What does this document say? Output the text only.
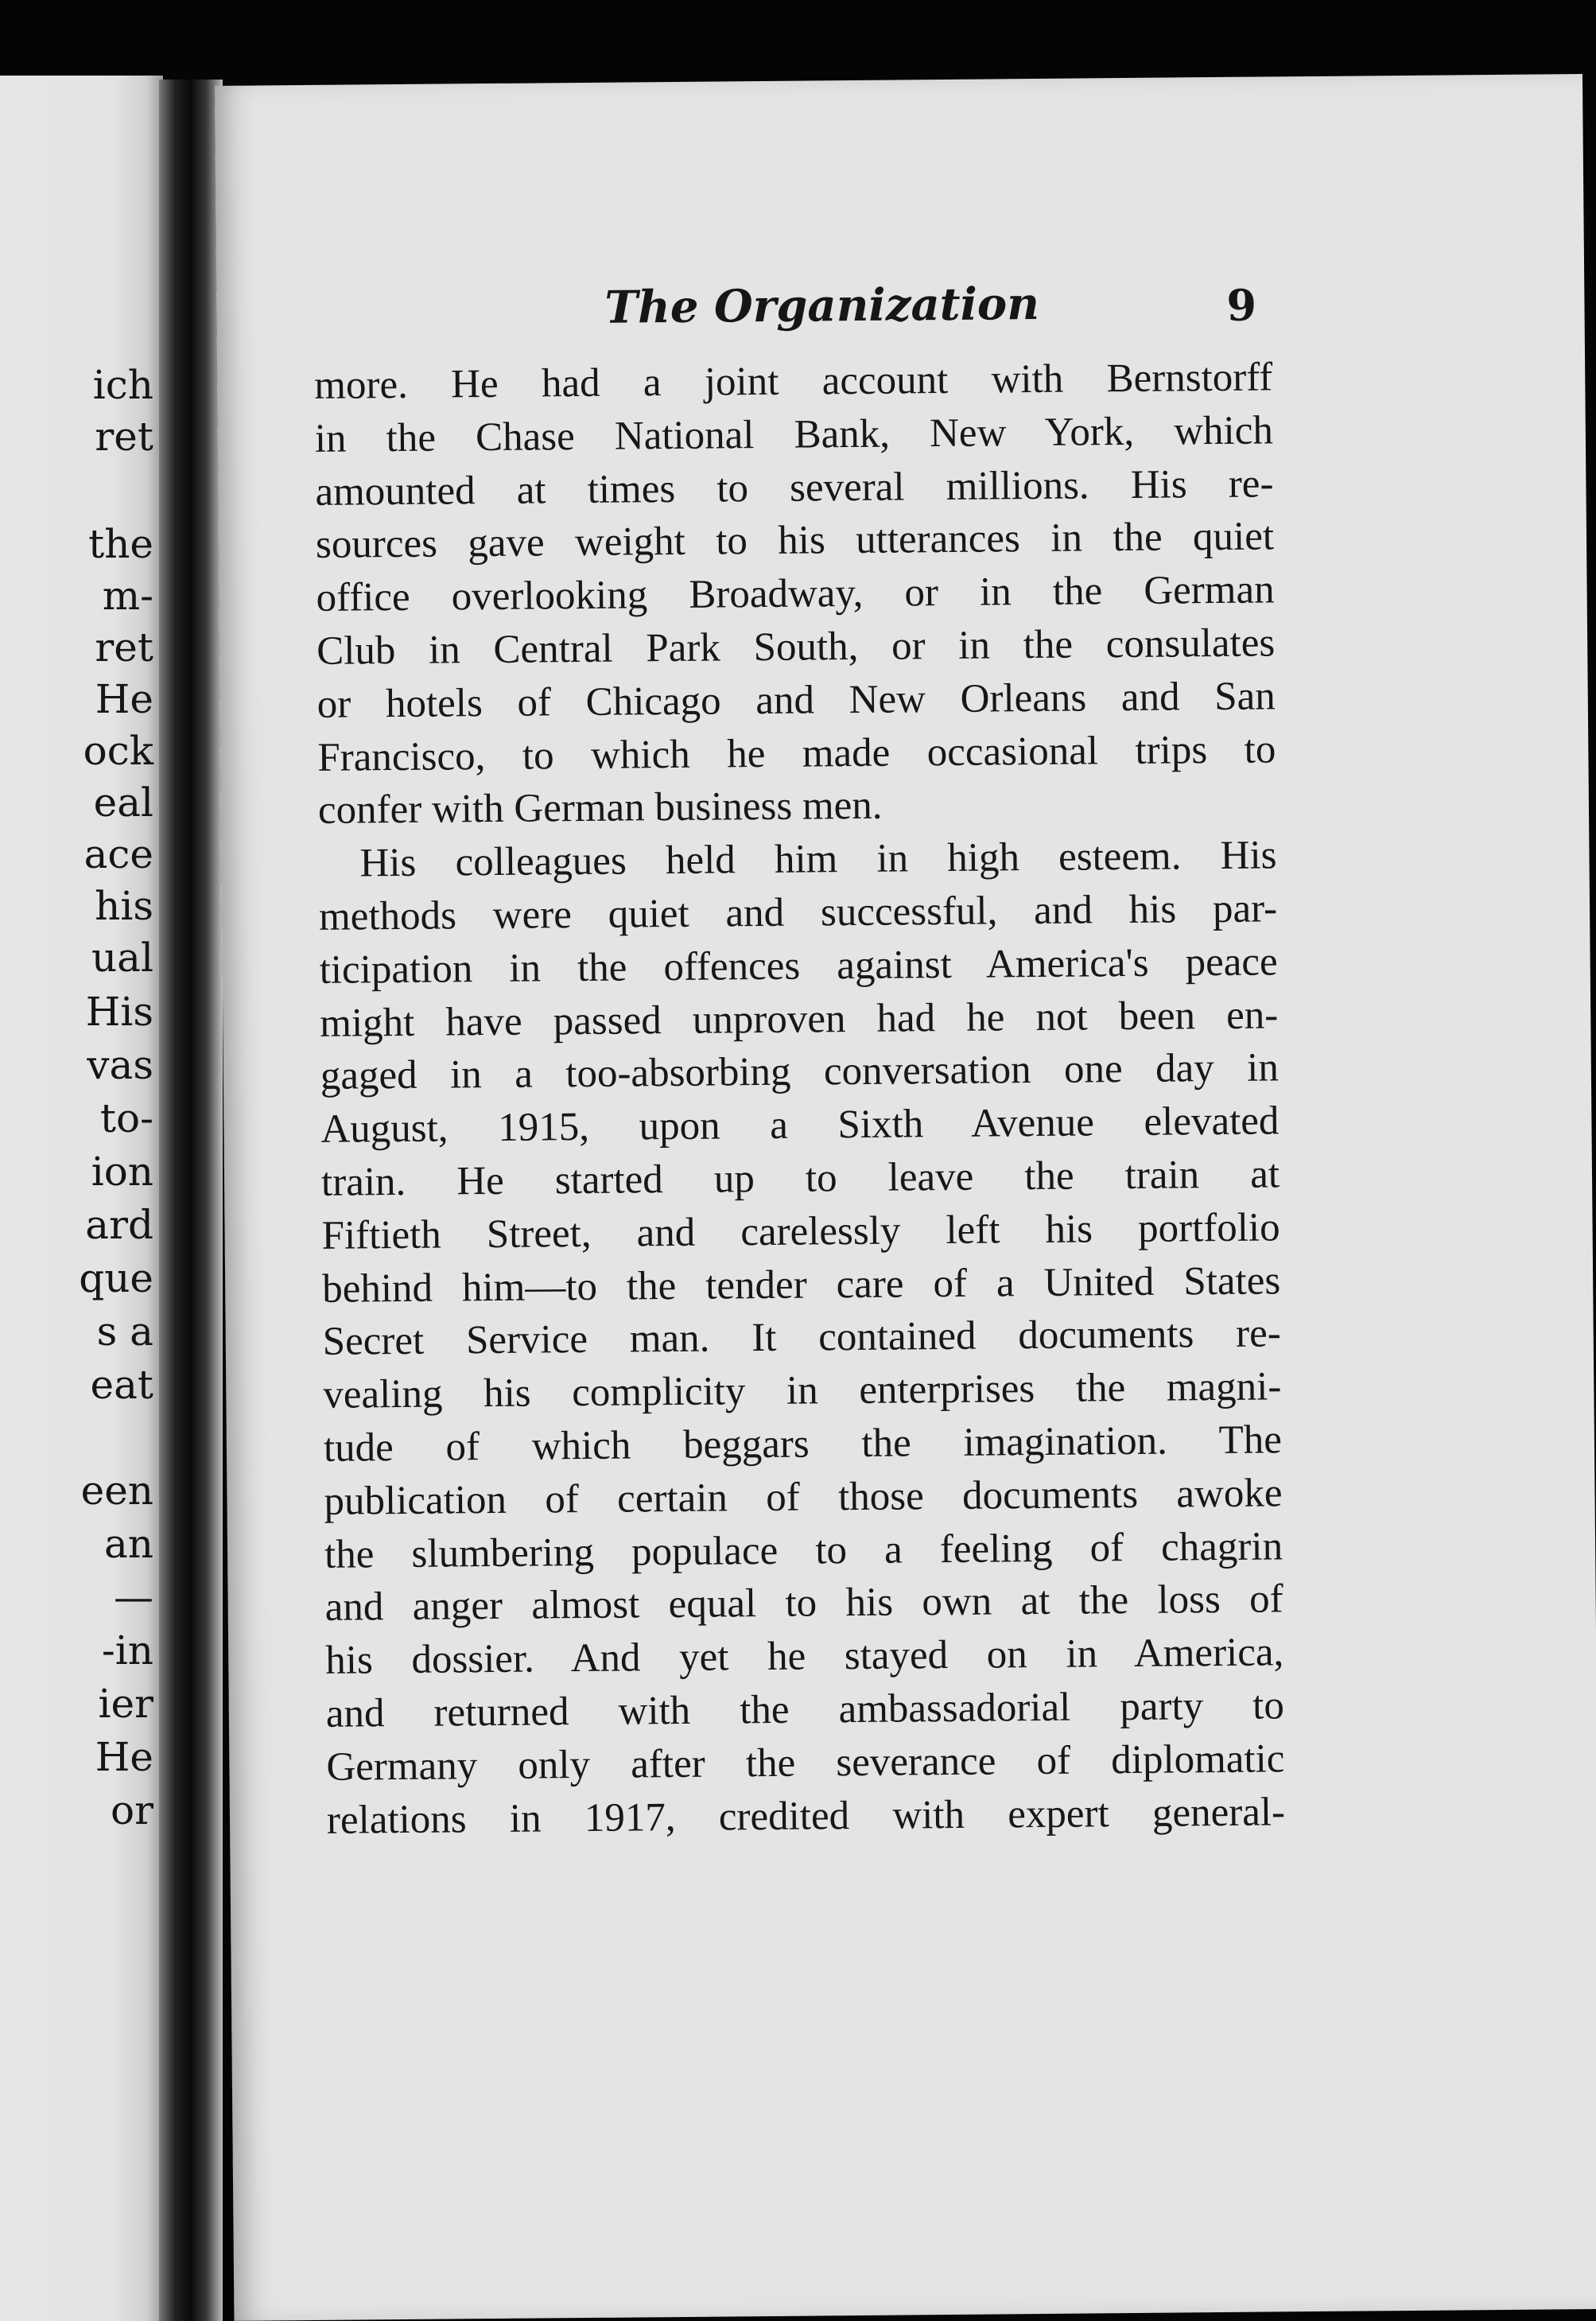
ich
ret
the
m-
ret
He
ock
eal
ace
his
ual
His
vas
to-
ion
ard
que
s a
eat
een
an
—
-in
ier
He
or
The Organization	9
more. He had a joint account with Bernstorff
in the Chase National Bank, New York, which
amounted at times to several millions. His re-
sources gave weight to his utterances in the quiet
office overlooking Broadway, or in the German
Club in Central Park South, or in the consulates
or hotels of Chicago and New Orleans and San
Francisco, to which he made occasional trips to
confer with German business men.
His colleagues held him in high esteem. His
methods were quiet and successful, and his par-
ticipation in the offences against America's peace
might have passed unproven had he not been en-
gaged in a too-absorbing conversation one day in
August, 1915, upon a Sixth Avenue elevated
train. He started up to leave the train at
Fiftieth Street, and carelessly left his portfolio
behind him—to the tender care of a United States
Secret Service man. It contained documents re-
vealing his complicity in enterprises the magni-
tude of which beggars the imagination. The
publication of certain of those documents awoke
the slumbering populace to a feeling of chagrin
and anger almost equal to his own at the loss of
his dossier. And yet he stayed on in America,
and returned with the ambassadorial party to
Germany only after the severance of diplomatic
relations in 1917, credited with expert general-
